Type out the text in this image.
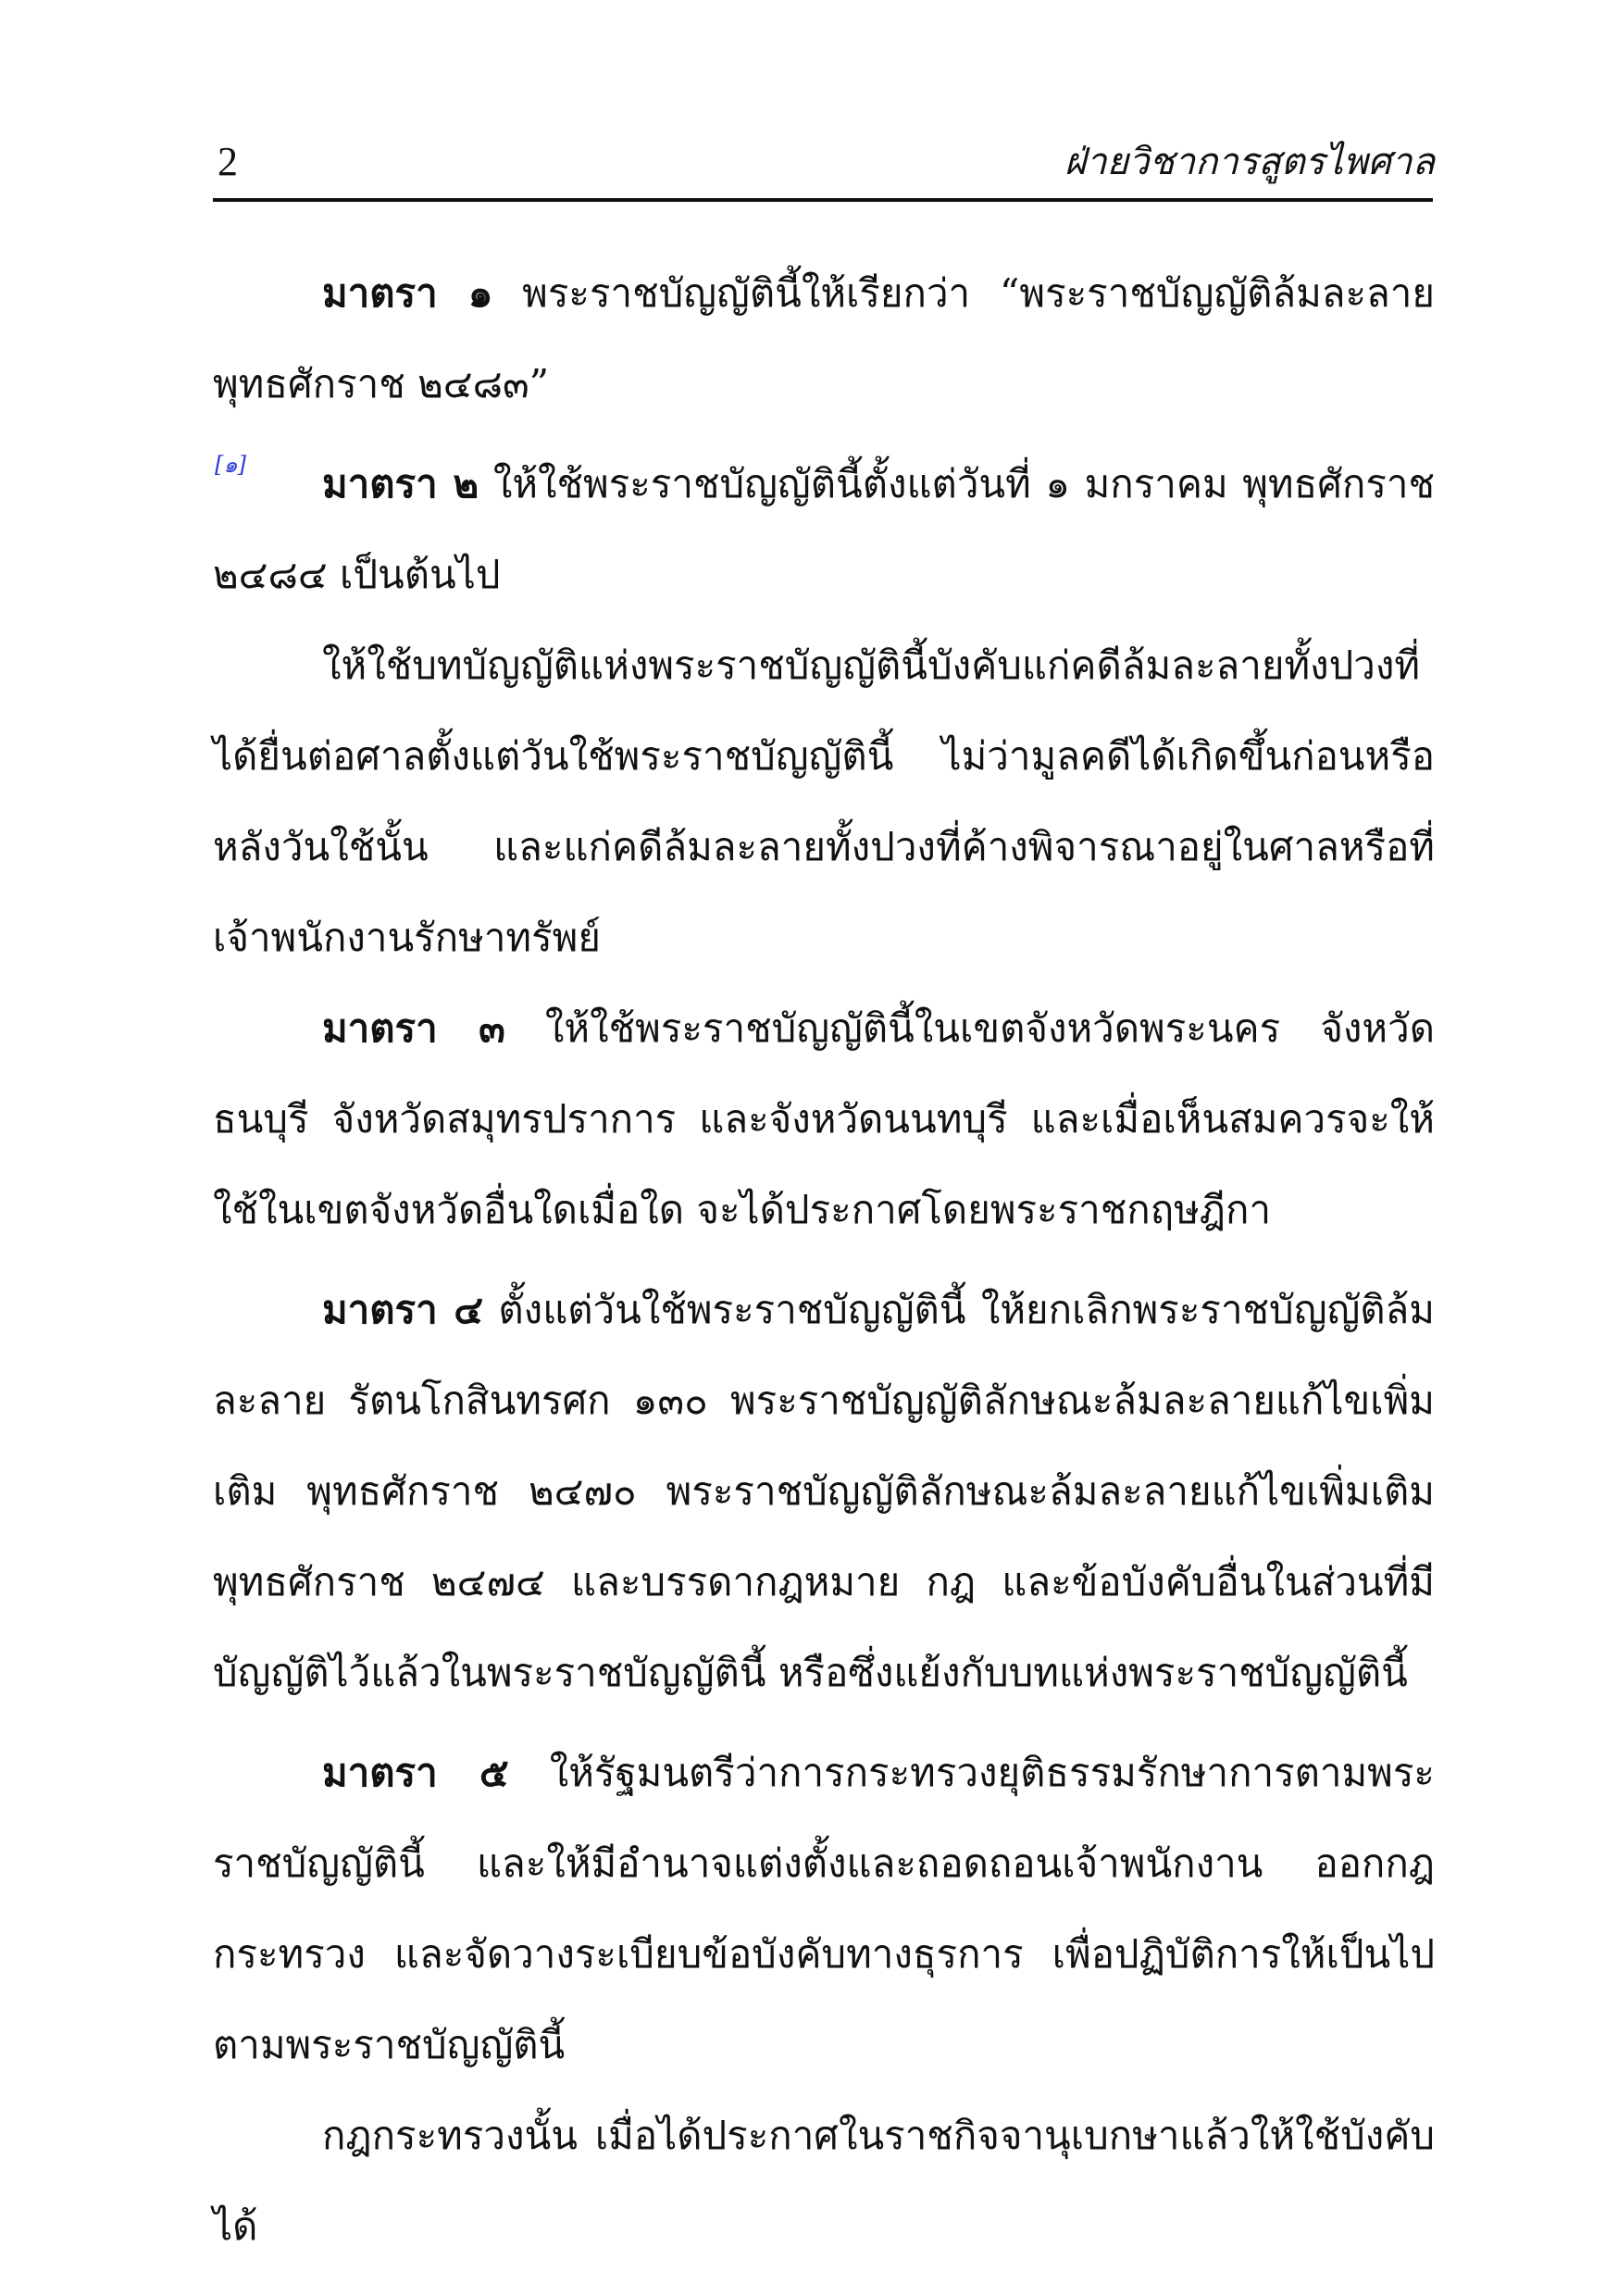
2	ฝ่ายวิชาการสูตรไพศาล

มาตรา ๑ พระราชบัญญัตินี้ให้เรียกว่า “พระราชบัญญัติล้มละลาย พุทธศักราช ๒๔๘๓”

[๑] มาตรา ๒ ให้ใช้พระราชบัญญัตินี้ตั้งแต่วันที่ ๑ มกราคม พุทธศักราช ๒๔๘๔ เป็นต้นไป

ให้ใช้บทบัญญัติแห่งพระราชบัญญัตินี้บังคับแก่คดีล้มละลายทั้งปวงที่ได้ยื่นต่อศาลตั้งแต่วันใช้พระราชบัญญัตินี้ ไม่ว่ามูลคดีได้เกิดขึ้นก่อนหรือหลังวันใช้นั้น และแก่คดีล้มละลายทั้งปวงที่ค้างพิจารณาอยู่ในศาลหรือที่เจ้าพนักงานรักษาทรัพย์

มาตรา ๓ ให้ใช้พระราชบัญญัตินี้ในเขตจังหวัดพระนคร จังหวัดธนบุรี จังหวัดสมุทรปราการ และจังหวัดนนทบุรี และเมื่อเห็นสมควรจะให้ใช้ในเขตจังหวัดอื่นใดเมื่อใด จะได้ประกาศโดยพระราชกฤษฎีกา

มาตรา ๔ ตั้งแต่วันใช้พระราชบัญญัตินี้ ให้ยกเลิกพระราชบัญญัติล้มละลาย รัตนโกสินทรศก ๑๓๐ พระราชบัญญัติลักษณะล้มละลายแก้ไขเพิ่มเติม พุทธศักราช ๒๔๗๐ พระราชบัญญัติลักษณะล้มละลายแก้ไขเพิ่มเติม พุทธศักราช ๒๔๗๔ และบรรดากฎหมาย กฎ และข้อบังคับอื่นในส่วนที่มีบัญญัติไว้แล้วในพระราชบัญญัตินี้ หรือซึ่งแย้งกับบทแห่งพระราชบัญญัตินี้

มาตรา ๕ ให้รัฐมนตรีว่าการกระทรวงยุติธรรมรักษาการตามพระราชบัญญัตินี้ และให้มีอำนาจแต่งตั้งและถอดถอนเจ้าพนักงาน ออกกฎกระทรวง และจัดวางระเบียบข้อบังคับทางธุรการ เพื่อปฏิบัติการให้เป็นไปตามพระราชบัญญัตินี้

กฎกระทรวงนั้น เมื่อได้ประกาศในราชกิจจานุเบกษาแล้วให้ใช้บังคับได้
